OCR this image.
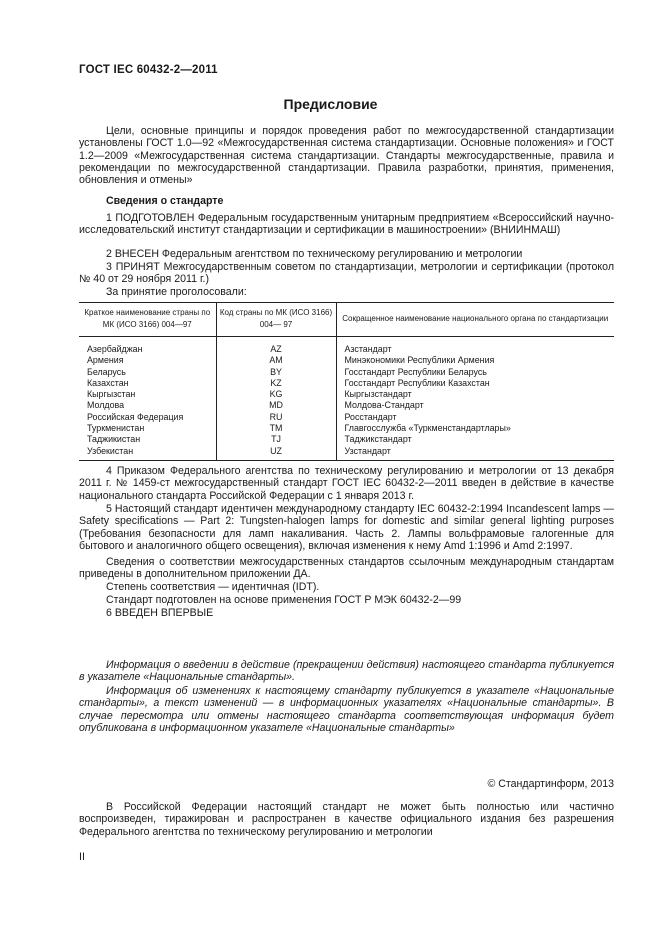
ГОСТ IEC 60432-2—2011
Предисловие
Цели, основные принципы и порядок проведения работ по межгосударственной стандартизации установлены ГОСТ 1.0—92 «Межгосударственная система стандартизации. Основные положения» и ГОСТ 1.2—2009 «Межгосударственная система стандартизации. Стандарты межгосударственные, правила и рекомендации по межгосударственной стандартизации. Правила разработки, принятия, применения, обновления и отмены»
Сведения о стандарте
1 ПОДГОТОВЛЕН Федеральным государственным унитарным предприятием «Всероссийский научно-исследовательский институт стандартизации и сертификации в машиностроении» (ВНИИНМАШ)
2 ВНЕСЕН Федеральным агентством по техническому регулированию и метрологии
3 ПРИНЯТ Межгосударственным советом по стандартизации, метрологии и сертификации (протокол № 40 от 29 ноября 2011 г.)
За принятие проголосовали:
Краткое наименование страны по МК (ИСО 3166) 004—97	Код страны по МК (ИСО 3166) 004— 97	Сокращенное наименование национального органа по стандартизации
Азербайджан	AZ	Азстандарт
Армения	AM	Минэкономики Республики Армения
Беларусь	BY	Госстандарт Республики Беларусь
Казахстан	KZ	Госстандарт Республики Казахстан
Кыргызстан	KG	Кыргызстандарт
Молдова	MD	Молдова-Стандарт
Российская Федерация	RU	Росстандарт
Туркменистан	TM	Главгосслужба «Туркменстандартлары»
Таджикистан	TJ	Таджикстандарт
Узбекистан	UZ	Узстандарт
4 Приказом Федерального агентства по техническому регулированию и метрологии от 13 декабря 2011 г. № 1459-ст межгосударственный стандарт ГОСТ IEC 60432-2—2011 введен в действие в качестве национального стандарта Российской Федерации с 1 января 2013 г.
5 Настоящий стандарт идентичен международному стандарту IEC 60432-2:1994 Incandescent lamps — Safety specifications — Part 2: Tungsten-halogen lamps for domestic and similar general lighting purposes (Требования безопасности для ламп накаливания. Часть 2. Лампы вольфрамовые галогенные для бытового и аналогичного общего освещения), включая изменения к нему Amd 1:1996 и Amd 2:1997.
Сведения о соответствии межгосударственных стандартов ссылочным международным стандартам приведены в дополнительном приложении ДА.
Степень соответствия — идентичная (IDT).
Стандарт подготовлен на основе применения ГОСТ Р МЭК 60432-2—99
6 ВВЕДЕН ВПЕРВЫЕ
Информация о введении в действие (прекращении действия) настоящего стандарта публикуется в указателе «Национальные стандарты».
Информация об изменениях к настоящему стандарту публикуется в указателе «Национальные стандарты», а текст изменений — в информационных указателях «Национальные стандарты». В случае пересмотра или отмены настоящего стандарта соответствующая информация будет опубликована в информационном указателе «Национальные стандарты»
© Стандартинформ, 2013
В Российской Федерации настоящий стандарт не может быть полностью или частично воспроизведен, тиражирован и распространен в качестве официального издания без разрешения Федерального агентства по техническому регулированию и метрологии
II
